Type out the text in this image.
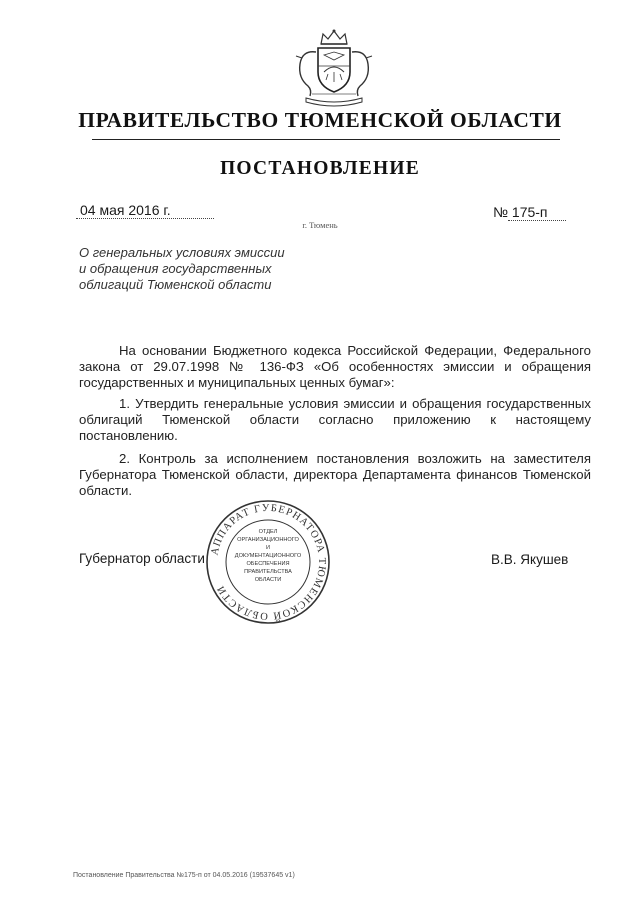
ПРАВИТЕЛЬСТВО ТЮМЕНСКОЙ ОБЛАСТИ
ПОСТАНОВЛЕНИЕ
04 мая 2016 г.	№ 175-п
г. Тюмень
О генеральных условиях эмиссии
и обращения государственных
облигаций Тюменской области

На основании Бюджетного кодекса Российской Федерации, Федерального закона от 29.07.1998 № 136-ФЗ «Об особенностях эмиссии и обращения государственных и муниципальных ценных бумаг»:

1. Утвердить генеральные условия эмиссии и обращения государственных облигаций Тюменской области согласно приложению к настоящему постановлению.

2. Контроль за исполнением постановления возложить на заместителя Губернатора Тюменской области, директора Департамента финансов Тюменской области.

Губернатор области	В.В. Якушев
АППАРАТ ГУБЕРНАТОРА ТЮМЕНСКОЙ ОБЛАСТИ
ОТДЕЛ
ОРГАНИЗАЦИОННОГО
И
ДОКУМЕНТАЦИОННОГО
ОБЕСПЕЧЕНИЯ
ПРАВИТЕЛЬСТВА
ОБЛАСТИ
Постановление Правительства №175-п от 04.05.2016 (19537645 v1)
